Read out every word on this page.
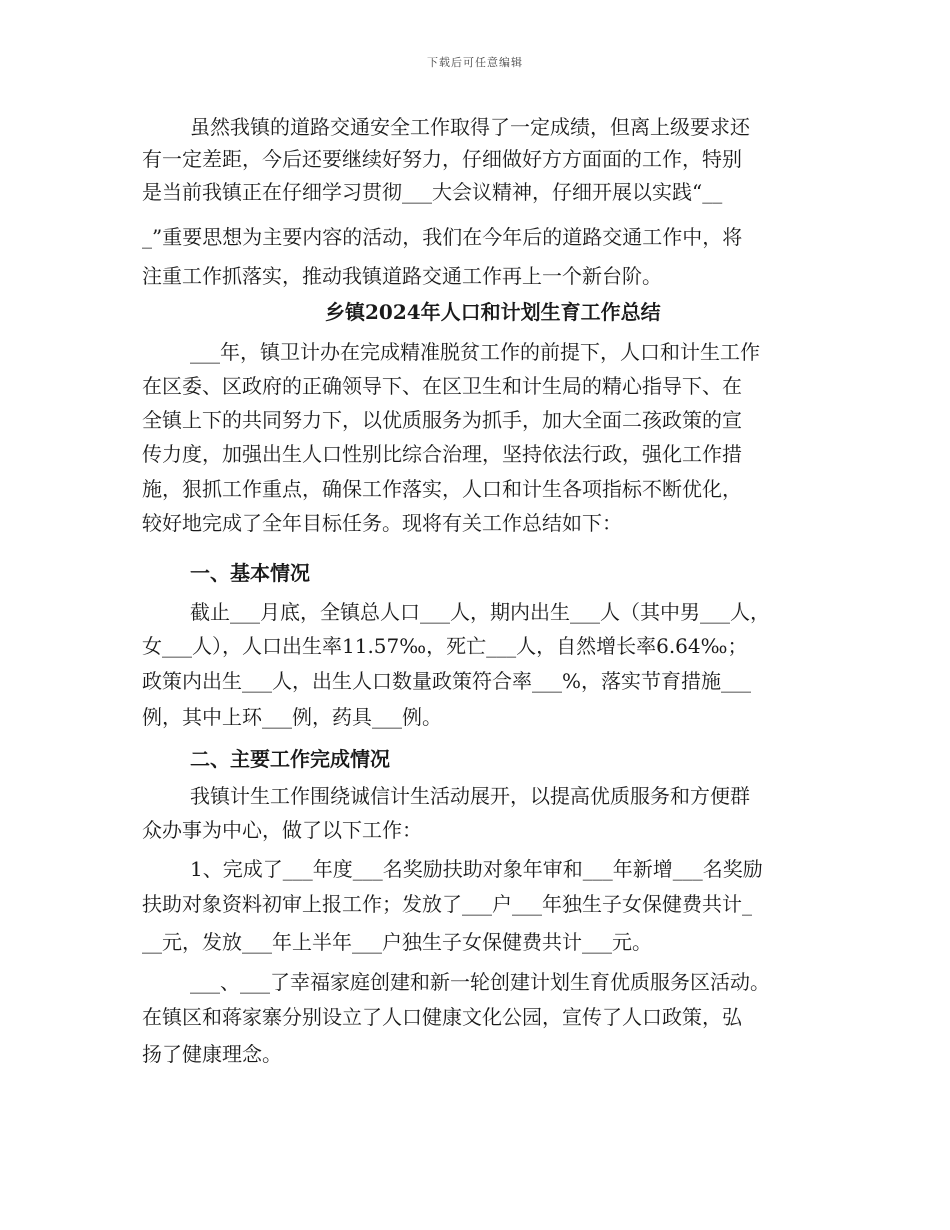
下载后可任意编辑
虽然我镇的道路交通安全工作取得了一定成绩，但离上级要求还
有一定差距，今后还要继续好努力，仔细做好方方面面的工作，特别
是当前我镇正在仔细学习贯彻___大会议精神，仔细开展以实践“__
_”重要思想为主要内容的活动，我们在今年后的道路交通工作中，将
注重工作抓落实，推动我镇道路交通工作再上一个新台阶。
乡镇2024年人口和计划生育工作总结
___年，镇卫计办在完成精准脱贫工作的前提下，人口和计生工作
在区委、区政府的正确领导下、在区卫生和计生局的精心指导下、在
全镇上下的共同努力下，以优质服务为抓手，加大全面二孩政策的宣
传力度，加强出生人口性别比综合治理，坚持依法行政，强化工作措
施，狠抓工作重点，确保工作落实，人口和计生各项指标不断优化，
较好地完成了全年目标任务。现将有关工作总结如下：
一、基本情况
截止___月底，全镇总人口___人，期内出生___人（其中男___人，
女___人），人口出生率11.57‰，死亡___人，自然增长率6.64‰；
政策内出生___人，出生人口数量政策符合率___%，落实节育措施___
例，其中上环___例，药具___例。
二、主要工作完成情况
我镇计生工作围绕诚信计生活动展开，以提高优质服务和方便群
众办事为中心，做了以下工作：
1、完成了___年度___名奖励扶助对象年审和___年新增___名奖励
扶助对象资料初审上报工作；发放了___户___年独生子女保健费共计_
__元，发放___年上半年___户独生子女保健费共计___元。
___、___了幸福家庭创建和新一轮创建计划生育优质服务区活动。
在镇区和蒋家寨分别设立了人口健康文化公园，宣传了人口政策，弘
扬了健康理念。
